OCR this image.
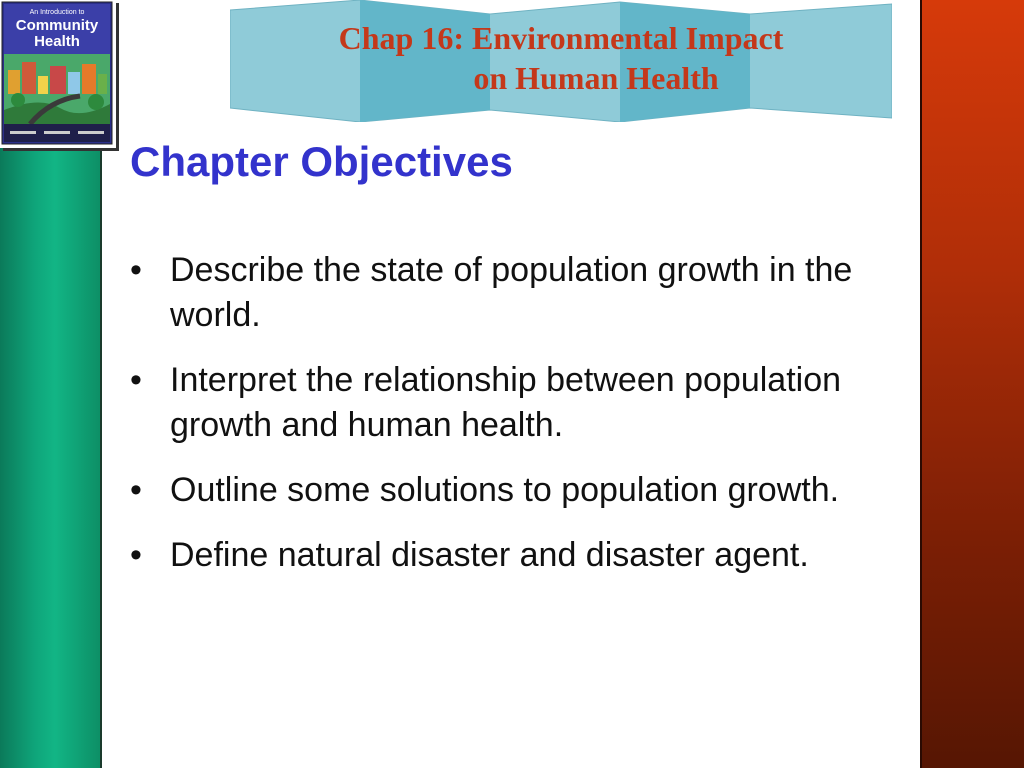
An Introduction to
Community
Health	Chap 16: Environmental Impact
on Human Health
Chapter Objectives
• Describe the state of population growth in the world.
• Interpret the relationship between population growth and human health.
• Outline some solutions to population growth.
• Define natural disaster and disaster agent.
